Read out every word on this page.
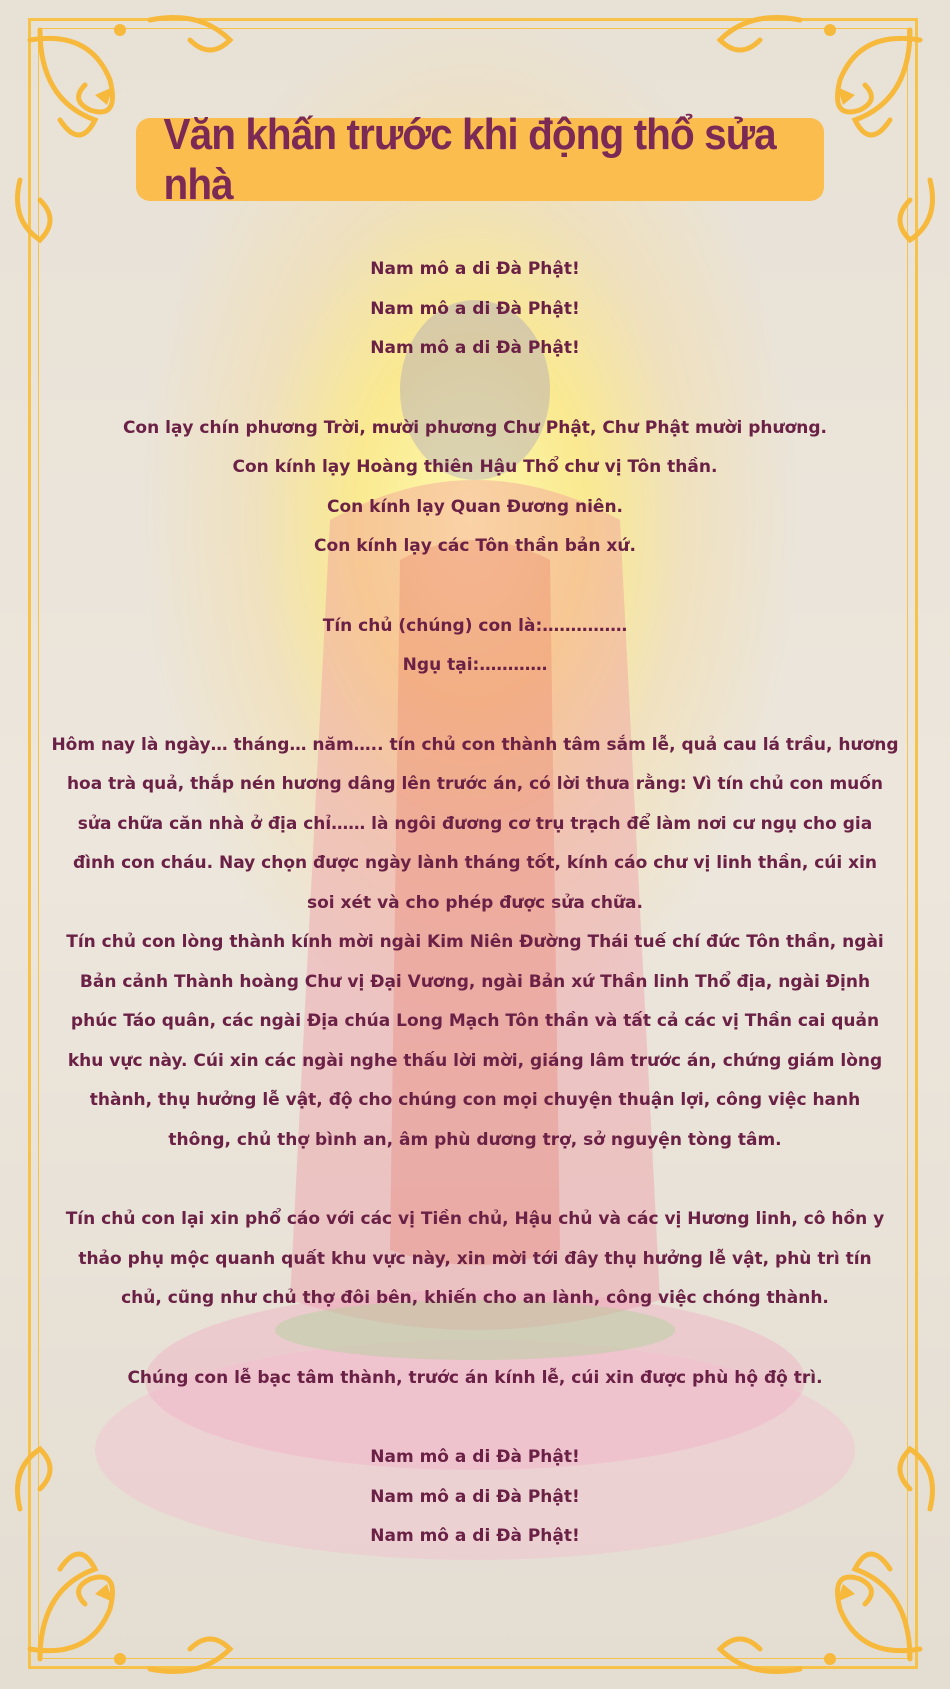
Văn khấn trước khi động thổ sửa nhà

Nam mô a di Đà Phật!

Nam mô a di Đà Phật!

Nam mô a di Đà Phật!

Con lạy chín phương Trời, mười phương Chư Phật, Chư Phật mười phương.

Con kính lạy Hoàng thiên Hậu Thổ chư vị Tôn thần.

Con kính lạy Quan Đương niên.

Con kính lạy các Tôn thần bản xứ.

Tín chủ (chúng) con là:……………

Ngụ tại:…………

Hôm nay là ngày… tháng… năm….. tín chủ con thành tâm sắm lễ, quả cau lá trầu, hương

hoa trà quả, thắp nén hương dâng lên trước án, có lời thưa rằng: Vì tín chủ con muốn

sửa chữa căn nhà ở địa chỉ…… là ngôi đương cơ trụ trạch để làm nơi cư ngụ cho gia

đình con cháu. Nay chọn được ngày lành tháng tốt, kính cáo chư vị linh thần, cúi xin

soi xét và cho phép được sửa chữa.

Tín chủ con lòng thành kính mời ngài Kim Niên Đường Thái tuế chí đức Tôn thần, ngài

Bản cảnh Thành hoàng Chư vị Đại Vương, ngài Bản xứ Thần linh Thổ địa, ngài Định

phúc Táo quân, các ngài Địa chúa Long Mạch Tôn thần và tất cả các vị Thần cai quản

khu vực này. Cúi xin các ngài nghe thấu lời mời, giáng lâm trước án, chứng giám lòng

thành, thụ hưởng lễ vật, độ cho chúng con mọi chuyện thuận lợi, công việc hanh

thông, chủ thợ bình an, âm phù dương trợ, sở nguyện tòng tâm.

Tín chủ con lại xin phổ cáo với các vị Tiền chủ, Hậu chủ và các vị Hương linh, cô hồn y

thảo phụ mộc quanh quất khu vực này, xin mời tới đây thụ hưởng lễ vật, phù trì tín

chủ, cũng như chủ thợ đôi bên, khiến cho an lành, công việc chóng thành.

Chúng con lễ bạc tâm thành, trước án kính lễ, cúi xin được phù hộ độ trì.

Nam mô a di Đà Phật!

Nam mô a di Đà Phật!

Nam mô a di Đà Phật!
